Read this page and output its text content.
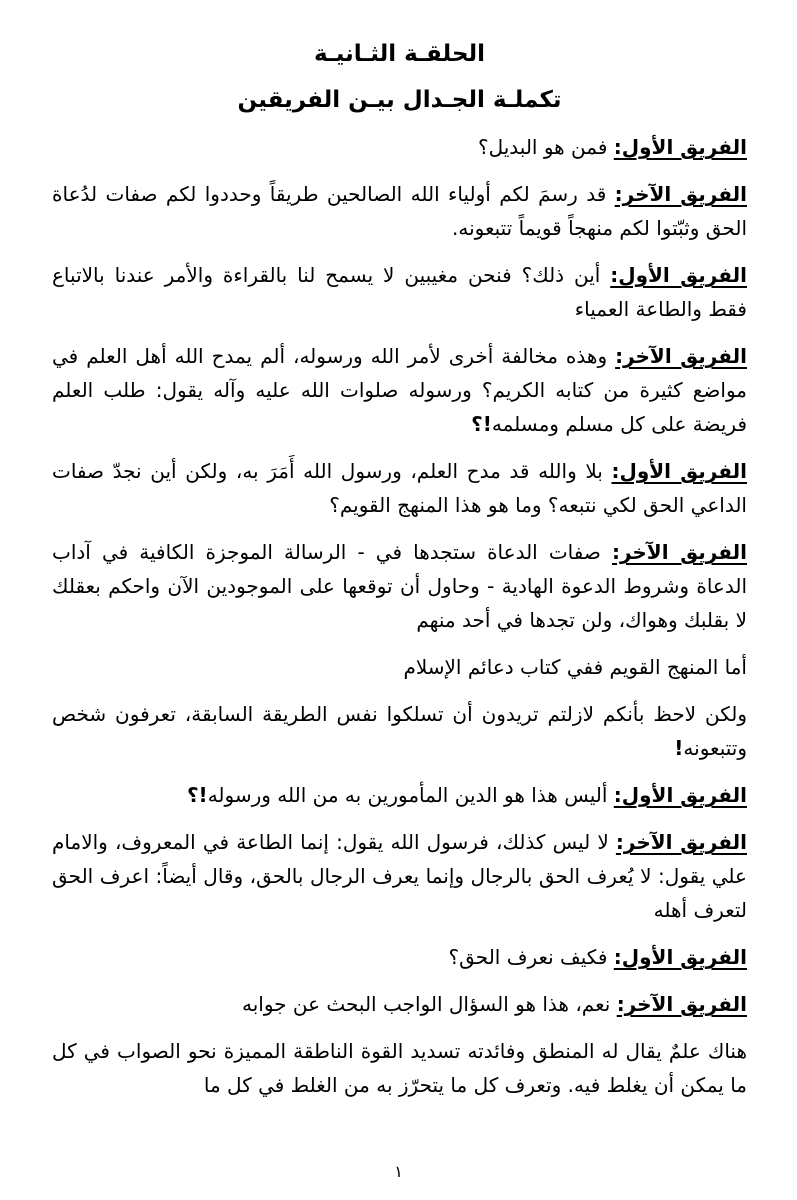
الحلقـة الثـانيـة
تكملـة الجـدال بيـن الفريقين

الفريق الأول: فمن هو البديل؟

الفريق الآخر: قد رسمَ لكم أولياء الله الصالحين طريقاً وحددوا لكم صفات لدُعاة الحق وثبّتوا لكم منهجاً قويماً تتبعونه.

الفريق الأول: أين ذلك؟ فنحن مغيبين لا يسمح لنا بالقراءة والأمر عندنا بالاتباع فقط والطاعة العمياء

الفريق الآخر: وهذه مخالفة أخرى لأمر الله ورسوله، ألم يمدح الله أهل العلم في مواضع كثيرة من كتابه الكريم؟ ورسوله صلوات الله عليه وآله يقول: طلب العلم فريضة على كل مسلم ومسلمه!؟

الفريق الأول: بلا والله قد مدح العلم، ورسول الله أَمَرَ به، ولكن أين نجدّ صفات الداعي الحق لكي نتبعه؟ وما هو هذا المنهج القويم؟

الفريق الآخر: صفات الدعاة ستجدها في - الرسالة الموجزة الكافية في آداب الدعاة وشروط الدعوة الهادية - وحاول أن توقعها على الموجودين الآن واحكم بعقلك لا بقلبك وهواك، ولن تجدها في أحد منهم

أما المنهج القويم ففي كتاب دعائم الإسلام

ولكن لاحظ بأنكم لازلتم تريدون أن تسلكوا نفس الطريقة السابقة، تعرفون شخص وتتبعونه!

الفريق الأول: أليس هذا هو الدين المأمورين به من الله ورسوله!؟

الفريق الآخر: لا ليس كذلك، فرسول الله يقول: إنما الطاعة في المعروف، والامام علي يقول: لا يُعرف الحق بالرجال وإنما يعرف الرجال بالحق، وقال أيضاً: اعرف الحق لتعرف أهله

الفريق الأول: فكيف نعرف الحق؟

الفريق الآخر: نعم، هذا هو السؤال الواجب البحث عن جوابه

هناك علمٌ يقال له المنطق وفائدته تسديد القوة الناطقة المميزة نحو الصواب في كل ما يمكن أن يغلط فيه. وتعرف كل ما يتحرّز به من الغلط في كل ما

١
